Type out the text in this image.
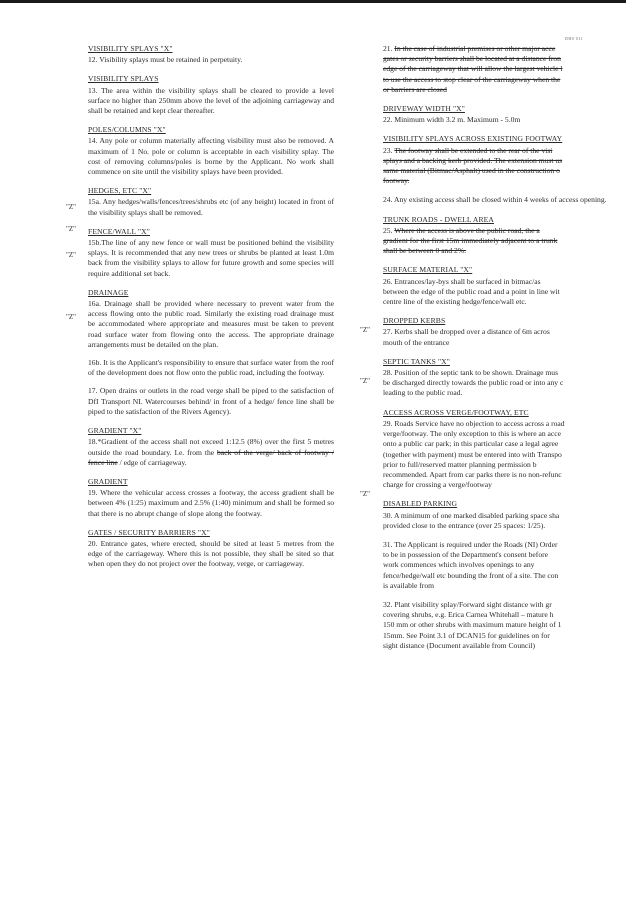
DH0 011
"Z"
"Z"
"Z"
"Z"
"Z"
"Z"
"Z"
VISIBILITY SPLAYS "X"
12. Visibility splays must be retained in perpetuity.
VISIBILITY SPLAYS
13. The area within the visibility splays shall be cleared to provide a level surface no higher than 250mm above the level of the adjoining carriageway and shall be retained and kept clear thereafter.
POLES/COLUMNS "X"
14. Any pole or column materially affecting visibility must also be removed. A maximum of 1 No. pole or column is acceptable in each visibility splay. The cost of removing columns/poles is borne by the Applicant. No work shall commence on site until the visibility splays have been provided.
HEDGES, ETC "X"
15a. Any hedges/walls/fences/trees/shrubs etc (of any height) located in front of the visibility splays shall be removed.
FENCE/WALL "X"
15b.The line of any new fence or wall must be positioned behind the visibility splays. It is recommended that any new trees or shrubs be planted at least 1.0m back from the visibility splays to allow for future growth and some species will require additional set back.
DRAINAGE
16a. Drainage shall be provided where necessary to prevent water from the access flowing onto the public road. Similarly the existing road drainage must be accommodated where appropriate and measures must be taken to prevent road surface water from flowing onto the access. The appropriate drainage arrangements must be detailed on the plan.
16b. It is the Applicant's responsibility to ensure that surface water from the roof of the development does not flow onto the public road, including the footway.
17. Open drains or outlets in the road verge shall be piped to the satisfaction of DfI Transport NI. Watercourses behind/ in front of a hedge/ fence line shall be piped to the satisfaction of the Rivers Agency).
GRADIENT "X"
18.*Gradient of the access shall not exceed 1:12.5 (8%) over the first 5 metres outside the road boundary. I.e. from the back of the verge/ back of footway / fence line / edge of carriageway.
GRADIENT
19. Where the vehicular access crosses a footway, the access gradient shall be between 4% (1:25) maximum and 2.5% (1:40) minimum and shall be formed so that there is no abrupt change of slope along the footway.
GATES / SECURITY BARRIERS "X"
20. Entrance gates, where erected, should be sited at least 5 metres from the edge of the carriageway. Where this is not possible, they shall be sited so that when open they do not project over the footway, verge, or carriageway.
21. In the case of industrial premises or other major acce
gates or security barriers shall be located at a distance fron
edge of the carriageway that will allow the largest vehicle l
to use the access to stop clear of the carriageway when the
or barriers are closed
DRIVEWAY WIDTH "X"
22. Minimum width 3.2 m. Maximum - 5.0m
VISIBILITY SPLAYS ACROSS EXISTING FOOTWAY
23. The footway shall be extended to the rear of the visi
splays and a backing kerb provided. The extension must us
same material (Bitmac/Asphalt) used in the construction o
footway.
24. Any existing access shall be closed within 4 weeks of access opening.
TRUNK ROADS - DWELL AREA
25. Where the access is above the public road, the a
gradient for the first 15m immediately adjacent to a trunk
shall be between 0 and 2%.
SURFACE MATERIAL "X"
26. Entrances/lay-bys shall be surfaced in bitmac/as
between the edge of the public road and a point in line wit
centre line of the existing hedge/fence/wall etc.
DROPPED KERBS
27. Kerbs shall be dropped over a distance of 6m acros
mouth of the entrance
SEPTIC TANKS "X"
28. Position of the septic tank to be shown. Drainage mus
be discharged directly towards the public road or into any c
leading to the public road.
ACCESS ACROSS VERGE/FOOTWAY, ETC
29. Roads Service have no objection to access across a road
verge/footway. The only exception to this is where an acce
onto a public car park; in this particular case a legal agree
(together with payment) must be entered into with Transpo
prior to full/reserved matter planning permission b
recommended. Apart from car parks there is no non-refunc
charge for crossing a verge/footway
DISABLED PARKING
30. A minimum of one marked disabled parking space sha
provided close to the entrance (over 25 spaces: 1/25).
31. The Applicant is required under the Roads (NI) Order
to be in possession of the Department's consent before
work commences which involves openings to any
fence/hedge/wall etc bounding the front of a site. The con
is available from
32. Plant visibility splay/Forward sight distance with gr
covering shrubs, e.g. Erica Carnea Whitehall – mature h
150 mm or other shrubs with maximum mature height of 1
15mm. See Point 3.1 of DCAN15 for guidelines on for
sight distance (Document available from Council)
